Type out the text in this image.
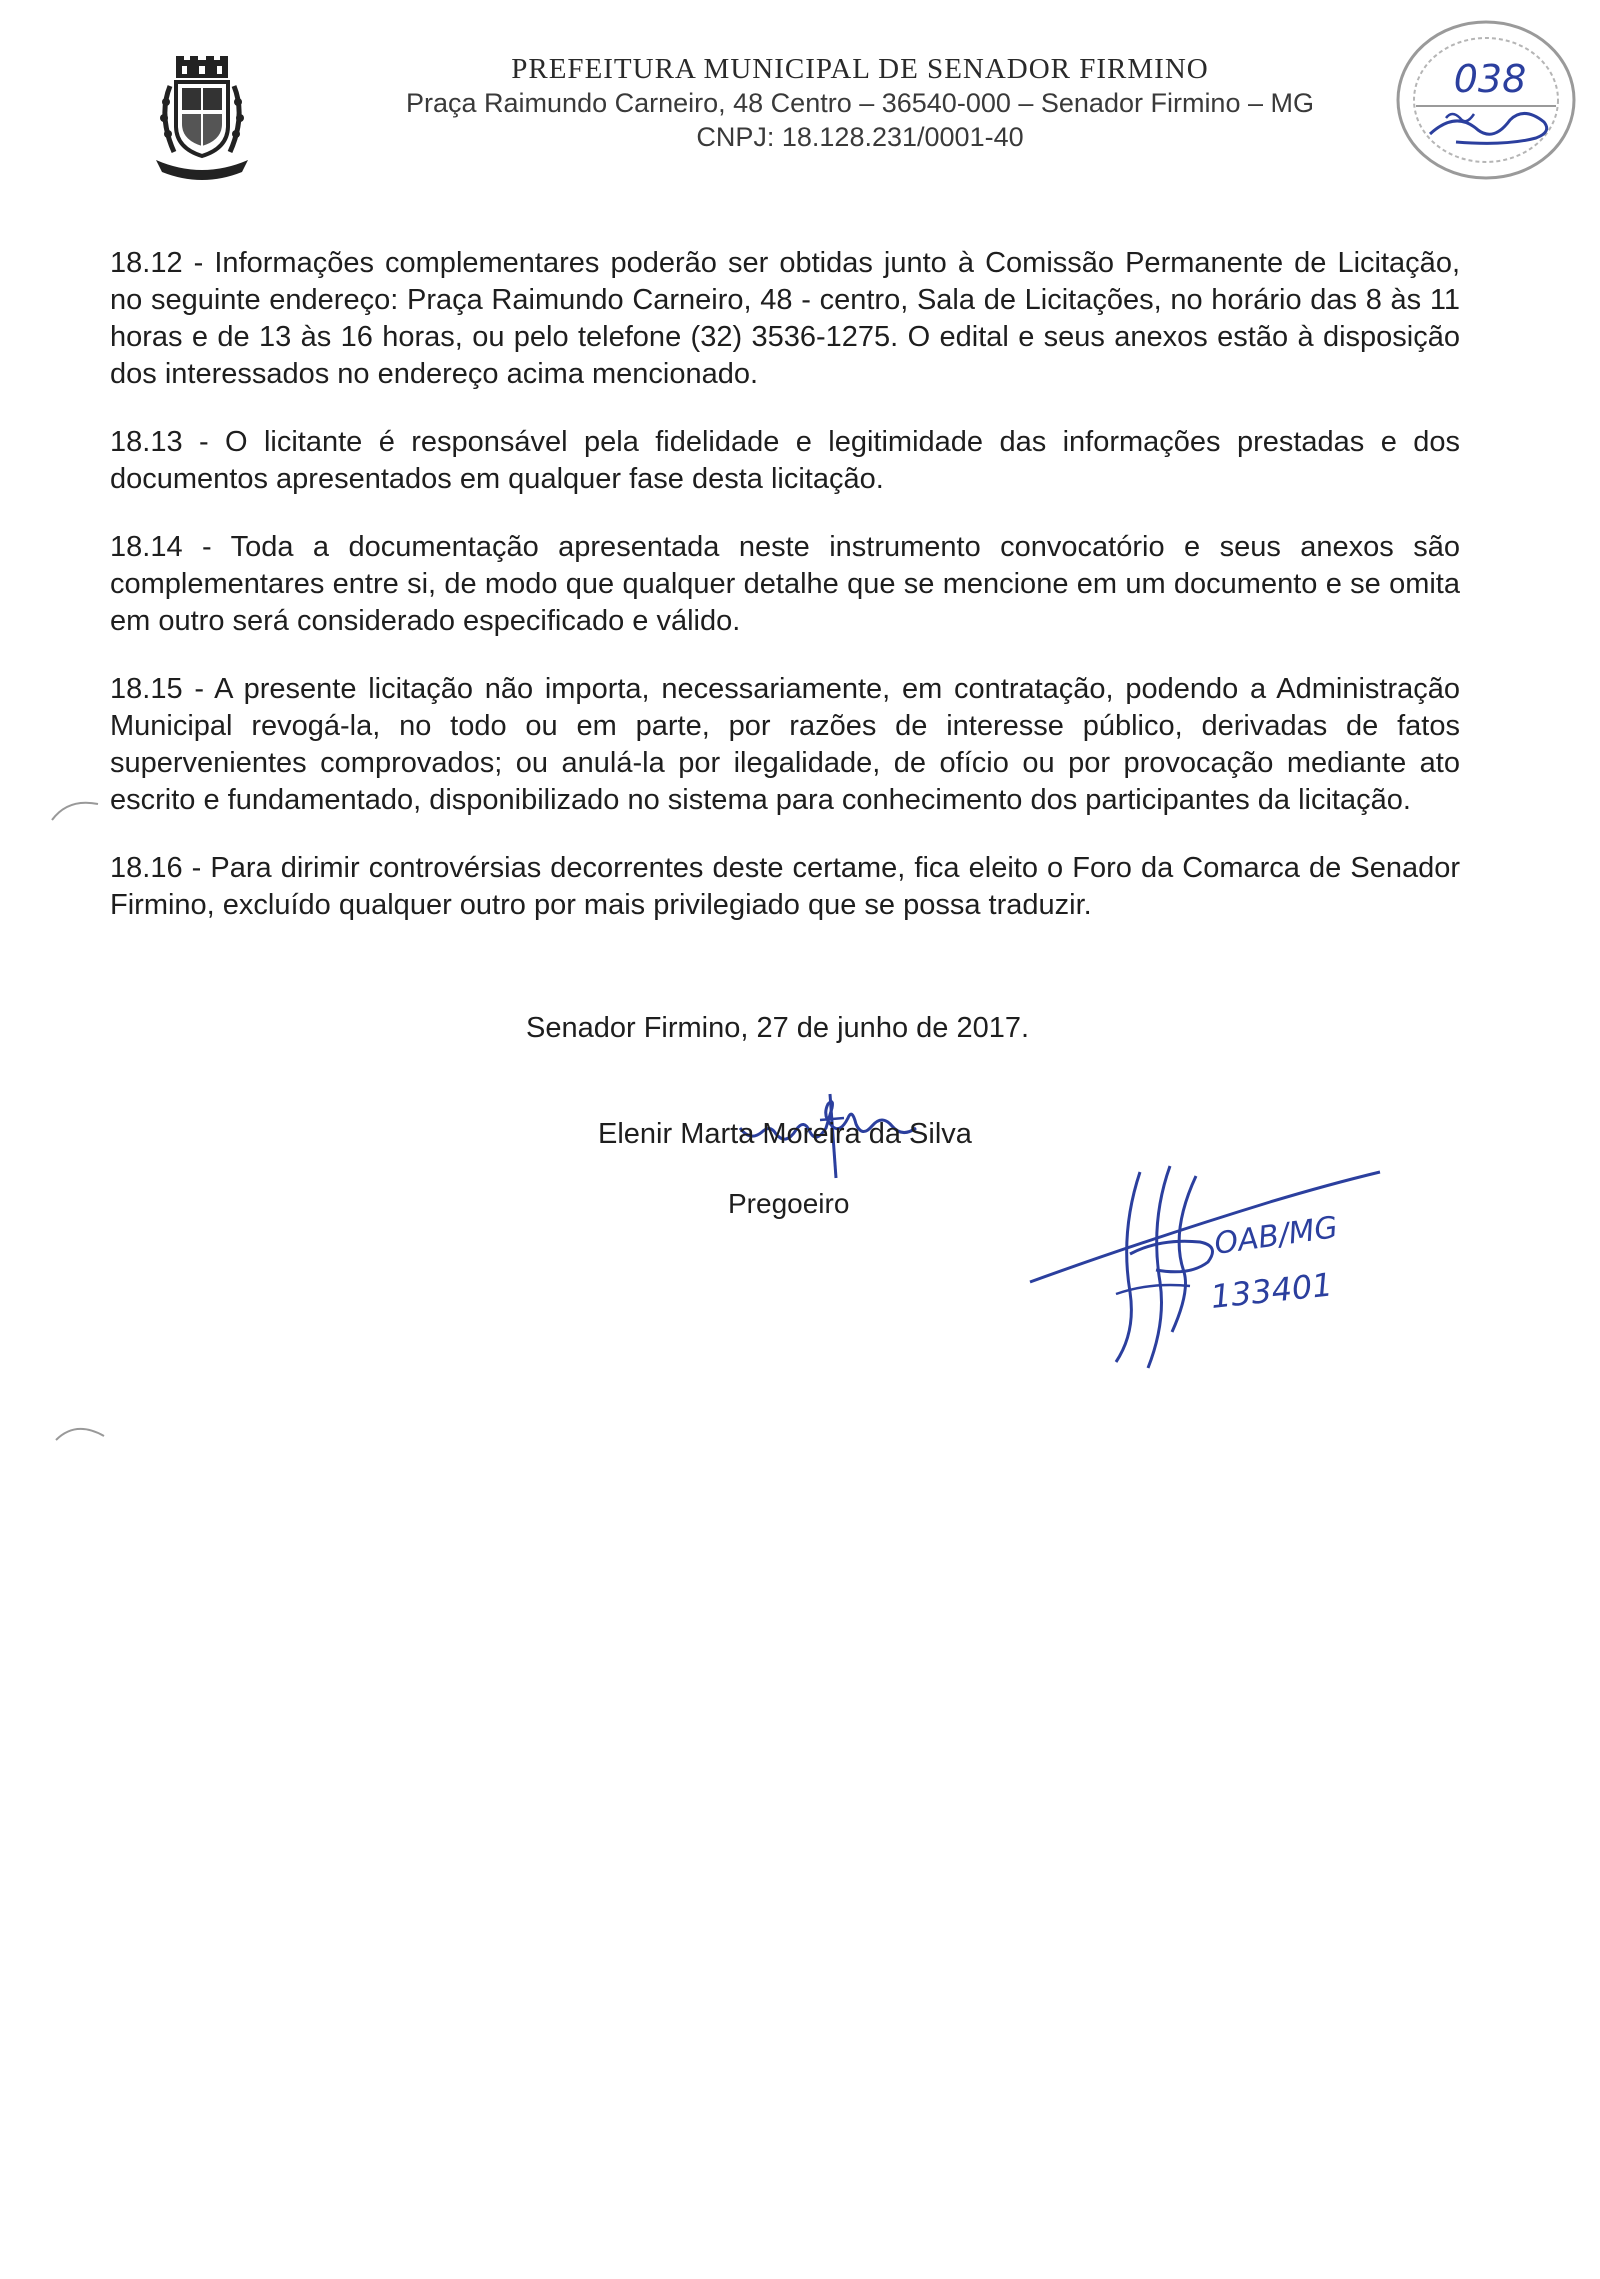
PREFEITURA MUNICIPAL DE SENADOR FIRMINO
Praça Raimundo Carneiro, 48 Centro – 36540-000 – Senador Firmino – MG
CNPJ: 18.128.231/0001-40
038

18.12 - Informações complementares poderão ser obtidas junto à Comissão Permanente de Licitação, no seguinte endereço: Praça Raimundo Carneiro, 48 - centro, Sala de Licitações, no horário das 8 às 11 horas e de 13 às 16 horas, ou pelo telefone (32) 3536-1275. O edital e seus anexos estão à disposição dos interessados no endereço acima mencionado.

18.13 - O licitante é responsável pela fidelidade e legitimidade das informações prestadas e dos documentos apresentados em qualquer fase desta licitação.

18.14 - Toda a documentação apresentada neste instrumento convocatório e seus anexos são complementares entre si, de modo que qualquer detalhe que se mencione em um documento e se omita em outro será considerado especificado e válido.

18.15 - A presente licitação não importa, necessariamente, em contratação, podendo a Administração Municipal revogá-la, no todo ou em parte, por razões de interesse público, derivadas de fatos supervenientes comprovados; ou anulá-la por ilegalidade, de ofício ou por provocação mediante ato escrito e fundamentado, disponibilizado no sistema para conhecimento dos participantes da licitação.

18.16 - Para dirimir controvérsias decorrentes deste certame, fica eleito o Foro da Comarca de Senador Firmino, excluído qualquer outro por mais privilegiado que se possa traduzir.

Senador Firmino, 27 de junho de 2017.
Elenir Marta Moreira da Silva
Pregoeiro
OAB/MG
133401
